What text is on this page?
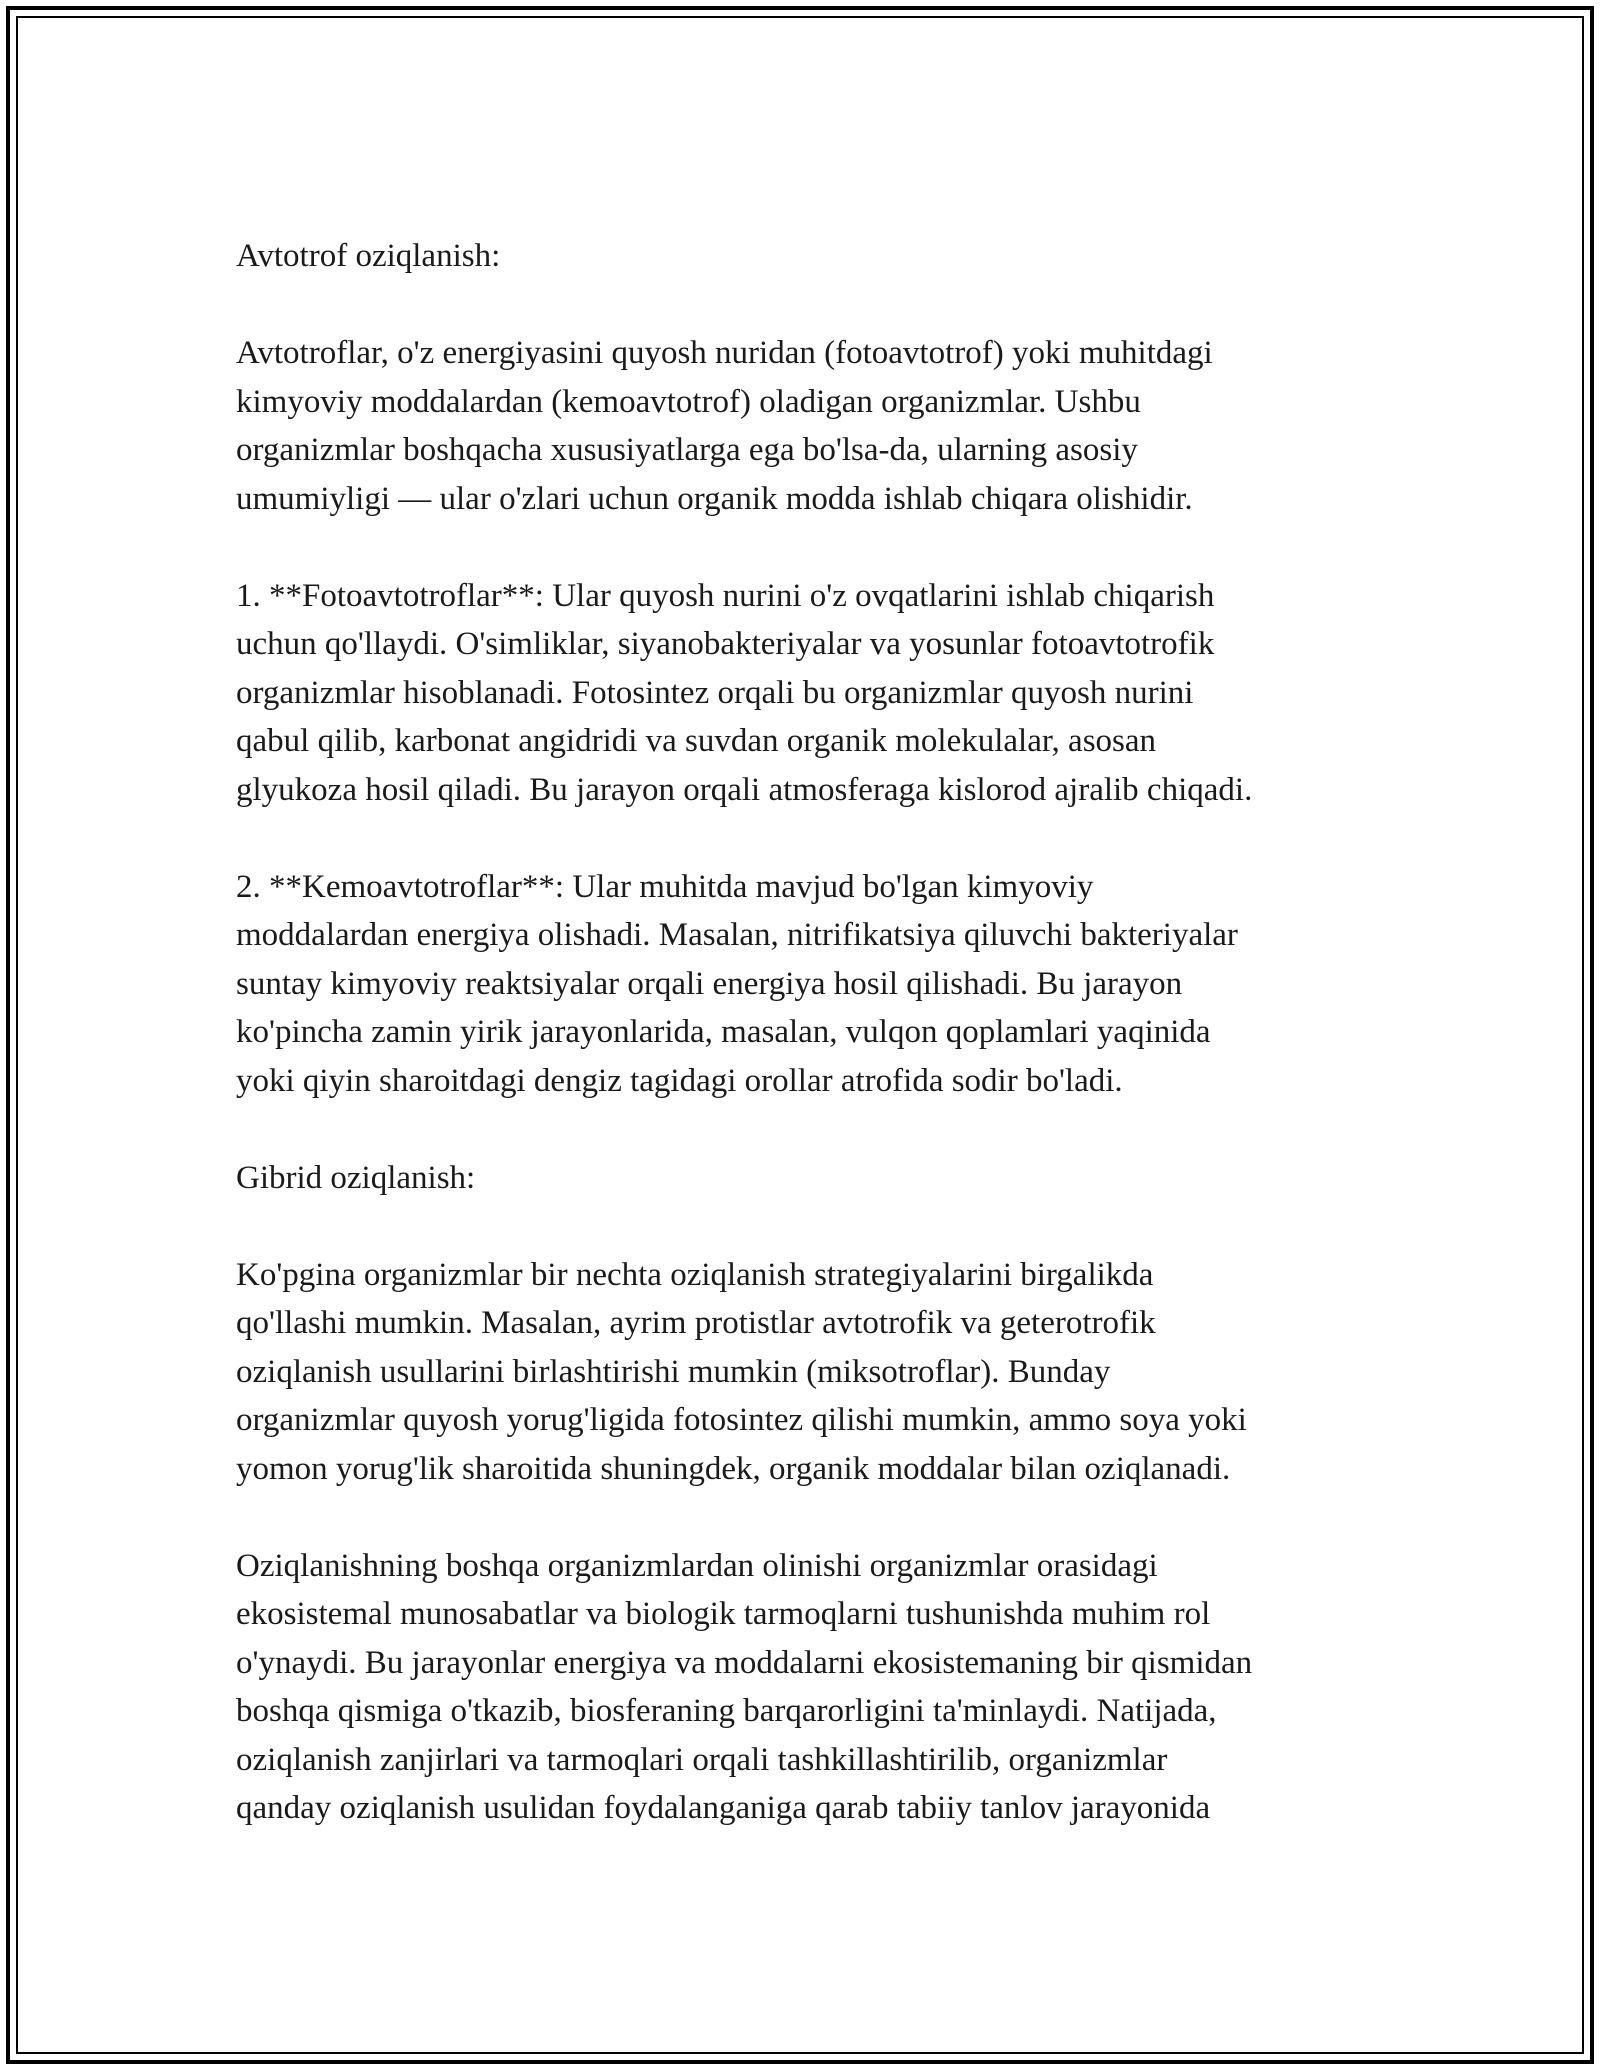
Avtotrof oziqlanish:

Avtotroflar, o'z energiyasini quyosh nuridan (fotoavtotrof) yoki muhitdagi
kimyoviy moddalardan (kemoavtotrof) oladigan organizmlar. Ushbu
organizmlar boshqacha xususiyatlarga ega bo'lsa-da, ularning asosiy
umumiyligi — ular o'zlari uchun organik modda ishlab chiqara olishidir.

1. **Fotoavtotroflar**: Ular quyosh nurini o'z ovqatlarini ishlab chiqarish
uchun qo'llaydi. O'simliklar, siyanobakteriyalar va yosunlar fotoavtotrofik
organizmlar hisoblanadi. Fotosintez orqali bu organizmlar quyosh nurini
qabul qilib, karbonat angidridi va suvdan organik molekulalar, asosan
glyukoza hosil qiladi. Bu jarayon orqali atmosferaga kislorod ajralib chiqadi.

2. **Kemoavtotroflar**: Ular muhitda mavjud bo'lgan kimyoviy
moddalardan energiya olishadi. Masalan, nitrifikatsiya qiluvchi bakteriyalar
suntay kimyoviy reaktsiyalar orqali energiya hosil qilishadi. Bu jarayon
ko'pincha zamin yirik jarayonlarida, masalan, vulqon qoplamlari yaqinida
yoki qiyin sharoitdagi dengiz tagidagi orollar atrofida sodir bo'ladi.

Gibrid oziqlanish:

Ko'pgina organizmlar bir nechta oziqlanish strategiyalarini birgalikda
qo'llashi mumkin. Masalan, ayrim protistlar avtotrofik va geterotrofik
oziqlanish usullarini birlashtirishi mumkin (miksotroflar). Bunday
organizmlar quyosh yorug'ligida fotosintez qilishi mumkin, ammo soya yoki
yomon yorug'lik sharoitida shuningdek, organik moddalar bilan oziqlanadi.

Oziqlanishning boshqa organizmlardan olinishi organizmlar orasidagi
ekosistemal munosabatlar va biologik tarmoqlarni tushunishda muhim rol
o'ynaydi. Bu jarayonlar energiya va moddalarni ekosistemaning bir qismidan
boshqa qismiga o'tkazib, biosferaning barqarorligini ta'minlaydi. Natijada,
oziqlanish zanjirlari va tarmoqlari orqali tashkillashtirilib, organizmlar
qanday oziqlanish usulidan foydalanganiga qarab tabiiy tanlov jarayonida
